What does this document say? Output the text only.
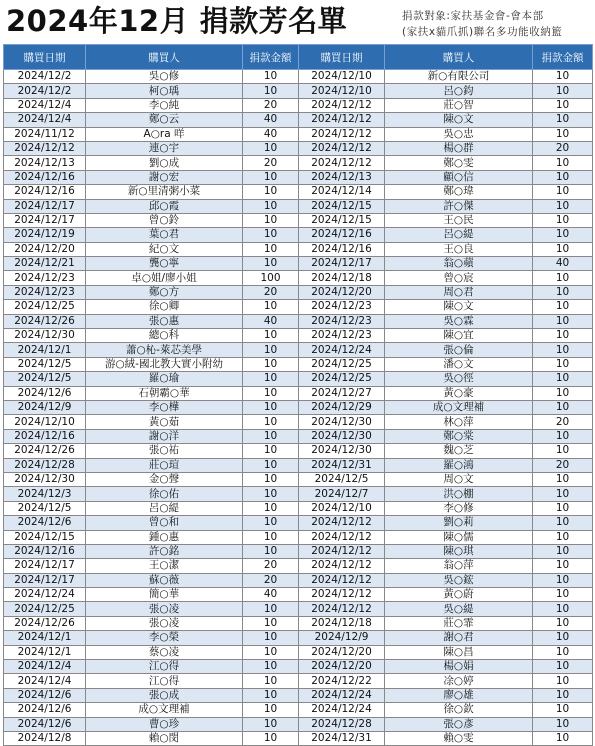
2024年12月 捐款芳名單	捐款對象:家扶基金會-會本部
(家扶x貓爪抓)聯名多功能收納籃
購買日期	購買人	捐款金額	購買日期	購買人	捐款金額
2024/12/2	吳○修	10	2024/12/10	新○有限公司	10
2024/12/2	柯○瑀	10	2024/12/10	呂○鈞	10
2024/12/4	李○純	20	2024/12/12	莊○智	10
2024/12/4	鄭○云	40	2024/12/12	陳○文	10
2024/11/12	A○ra 咩	40	2024/12/12	吳○忠	10
2024/12/12	連○宇	10	2024/12/12	楊○群	20
2024/12/13	劉○成	20	2024/12/12	鄭○雯	10
2024/12/16	謝○宏	10	2024/12/13	顧○信	10
2024/12/16	新○里清粥小菜	10	2024/12/14	鄭○瑋	10
2024/12/17	邱○霞	10	2024/12/15	許○傑	10
2024/12/17	曾○鈴	10	2024/12/15	王○民	10
2024/12/19	葉○君	10	2024/12/16	呂○緹	10
2024/12/20	紀○文	10	2024/12/16	王○良	10
2024/12/21	龔○寧	10	2024/12/17	翁○蘋	40
2024/12/23	卓○姐/廖小姐	100	2024/12/18	曾○宸	10
2024/12/23	鄭○方	20	2024/12/20	周○君	10
2024/12/25	徐○卿	10	2024/12/23	陳○文	10
2024/12/26	張○惠	40	2024/12/23	吳○霖	10
2024/12/30	總○科	10	2024/12/23	陳○宜	10
2024/12/1	蕭○杺-萊芯美學	10	2024/12/24	張○倫	10
2024/12/5	游○絨-國北教大實小附幼	10	2024/12/25	潘○文	10
2024/12/5	羅○瑜	10	2024/12/25	吳○徑	10
2024/12/6	石朝霸○華	10	2024/12/27	黃○豪	10
2024/12/9	李○樺	10	2024/12/29	成○文理補	10
2024/12/10	黃○茹	10	2024/12/30	林○萍	20
2024/12/16	謝○洋	10	2024/12/30	鄭○棠	10
2024/12/26	張○祐	10	2024/12/30	魏○芝	10
2024/12/28	莊○瑄	10	2024/12/31	羅○鴻	20
2024/12/30	金○聲	10	2024/12/5	周○文	10
2024/12/3	徐○佑	10	2024/12/7	洪○棚	10
2024/12/5	呂○緹	10	2024/12/10	李○修	10
2024/12/6	曾○和	10	2024/12/12	劉○莉	10
2024/12/15	鍾○惠	10	2024/12/12	陳○儒	10
2024/12/16	許○銘	10	2024/12/12	陳○琪	10
2024/12/17	王○潔	20	2024/12/12	翁○萍	10
2024/12/17	蘇○薇	20	2024/12/12	吳○鋐	10
2024/12/24	簡○華	40	2024/12/12	黃○蔚	10
2024/12/25	張○凌	10	2024/12/12	吳○緹	10
2024/12/26	張○凌	10	2024/12/18	莊○霏	10
2024/12/1	李○榮	10	2024/12/9	謝○君	10
2024/12/1	蔡○凌	10	2024/12/20	陳○昌	10
2024/12/4	江○得	10	2024/12/20	楊○娟	10
2024/12/4	江○得	10	2024/12/22	凃○婷	10
2024/12/6	張○成	10	2024/12/24	廖○雄	10
2024/12/6	成○文理補	10	2024/12/24	徐○欽	10
2024/12/6	曹○珍	10	2024/12/28	張○彥	10
2024/12/8	賴○閔	10	2024/12/31	賴○雯	10
